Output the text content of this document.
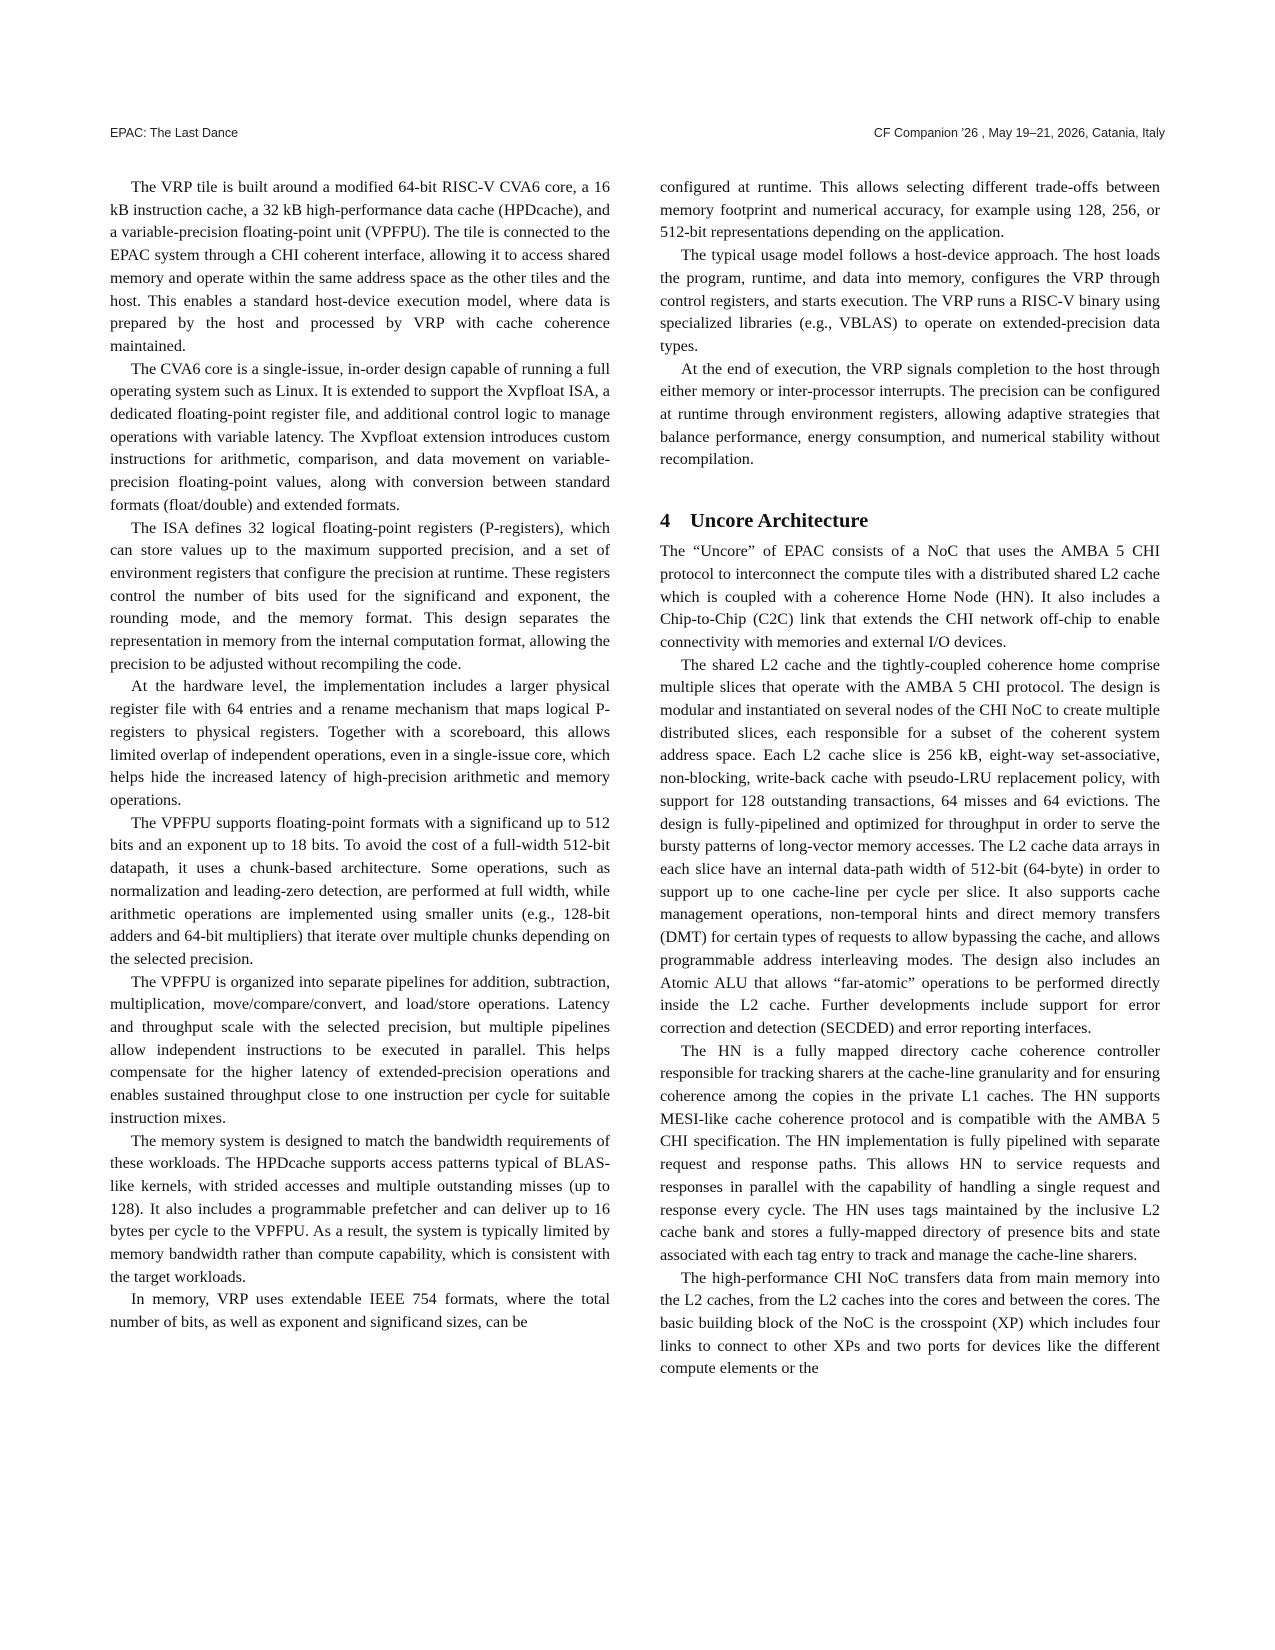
EPAC: The Last Dance	CF Companion ’26 , May 19–21, 2026, Catania, Italy

The VRP tile is built around a modified 64-bit RISC-V CVA6 core, a 16 kB instruction cache, a 32 kB high-performance data cache (HPDcache), and a variable-precision floating-point unit (VPFPU). The tile is connected to the EPAC system through a CHI coherent interface, allowing it to access shared memory and operate within the same address space as the other tiles and the host. This enables a standard host-device execution model, where data is prepared by the host and processed by VRP with cache coherence maintained.

The CVA6 core is a single-issue, in-order design capable of running a full operating system such as Linux. It is extended to support the Xvpfloat ISA, a dedicated floating-point register file, and additional control logic to manage operations with variable latency. The Xvpfloat extension introduces custom instructions for arithmetic, comparison, and data movement on variable-precision floating-point values, along with conversion between standard formats (float/double) and extended formats.

The ISA defines 32 logical floating-point registers (P-registers), which can store values up to the maximum supported precision, and a set of environment registers that configure the precision at runtime. These registers control the number of bits used for the significand and exponent, the rounding mode, and the memory format. This design separates the representation in memory from the internal computation format, allowing the precision to be adjusted without recompiling the code.

At the hardware level, the implementation includes a larger physical register file with 64 entries and a rename mechanism that maps logical P-registers to physical registers. Together with a scoreboard, this allows limited overlap of independent operations, even in a single-issue core, which helps hide the increased latency of high-precision arithmetic and memory operations.

The VPFPU supports floating-point formats with a significand up to 512 bits and an exponent up to 18 bits. To avoid the cost of a full-width 512-bit datapath, it uses a chunk-based architecture. Some operations, such as normalization and leading-zero detection, are performed at full width, while arithmetic operations are implemented using smaller units (e.g., 128-bit adders and 64-bit multipliers) that iterate over multiple chunks depending on the selected precision.

The VPFPU is organized into separate pipelines for addition, subtraction, multiplication, move/compare/convert, and load/store operations. Latency and throughput scale with the selected precision, but multiple pipelines allow independent instructions to be executed in parallel. This helps compensate for the higher latency of extended-precision operations and enables sustained throughput close to one instruction per cycle for suitable instruction mixes.

The memory system is designed to match the bandwidth requirements of these workloads. The HPDcache supports access patterns typical of BLAS-like kernels, with strided accesses and multiple outstanding misses (up to 128). It also includes a programmable prefetcher and can deliver up to 16 bytes per cycle to the VPFPU. As a result, the system is typically limited by memory bandwidth rather than compute capability, which is consistent with the target workloads.

In memory, VRP uses extendable IEEE 754 formats, where the total number of bits, as well as exponent and significand sizes, can be

configured at runtime. This allows selecting different trade-offs between memory footprint and numerical accuracy, for example using 128, 256, or 512-bit representations depending on the application.

The typical usage model follows a host-device approach. The host loads the program, runtime, and data into memory, configures the VRP through control registers, and starts execution. The VRP runs a RISC-V binary using specialized libraries (e.g., VBLAS) to operate on extended-precision data types.

At the end of execution, the VRP signals completion to the host through either memory or inter-processor interrupts. The precision can be configured at runtime through environment registers, allowing adaptive strategies that balance performance, energy consumption, and numerical stability without recompilation.

4 Uncore Architecture

The “Uncore” of EPAC consists of a NoC that uses the AMBA 5 CHI protocol to interconnect the compute tiles with a distributed shared L2 cache which is coupled with a coherence Home Node (HN). It also includes a Chip-to-Chip (C2C) link that extends the CHI network off-chip to enable connectivity with memories and external I/O devices.

The shared L2 cache and the tightly-coupled coherence home comprise multiple slices that operate with the AMBA 5 CHI protocol. The design is modular and instantiated on several nodes of the CHI NoC to create multiple distributed slices, each responsible for a subset of the coherent system address space. Each L2 cache slice is 256 kB, eight-way set-associative, non-blocking, write-back cache with pseudo-LRU replacement policy, with support for 128 outstanding transactions, 64 misses and 64 evictions. The design is fully-pipelined and optimized for throughput in order to serve the bursty patterns of long-vector memory accesses. The L2 cache data arrays in each slice have an internal data-path width of 512-bit (64-byte) in order to support up to one cache-line per cycle per slice. It also supports cache management operations, non-temporal hints and direct memory transfers (DMT) for certain types of requests to allow bypassing the cache, and allows programmable address interleaving modes. The design also includes an Atomic ALU that allows “far-atomic” operations to be performed directly inside the L2 cache. Further developments include support for error correction and detection (SECDED) and error reporting interfaces.

The HN is a fully mapped directory cache coherence controller responsible for tracking sharers at the cache-line granularity and for ensuring coherence among the copies in the private L1 caches. The HN supports MESI-like cache coherence protocol and is compatible with the AMBA 5 CHI specification. The HN implementation is fully pipelined with separate request and response paths. This allows HN to service requests and responses in parallel with the capability of handling a single request and response every cycle. The HN uses tags maintained by the inclusive L2 cache bank and stores a fully-mapped directory of presence bits and state associated with each tag entry to track and manage the cache-line sharers.

The high-performance CHI NoC transfers data from main memory into the L2 caches, from the L2 caches into the cores and between the cores. The basic building block of the NoC is the crosspoint (XP) which includes four links to connect to other XPs and two ports for devices like the different compute elements or the
